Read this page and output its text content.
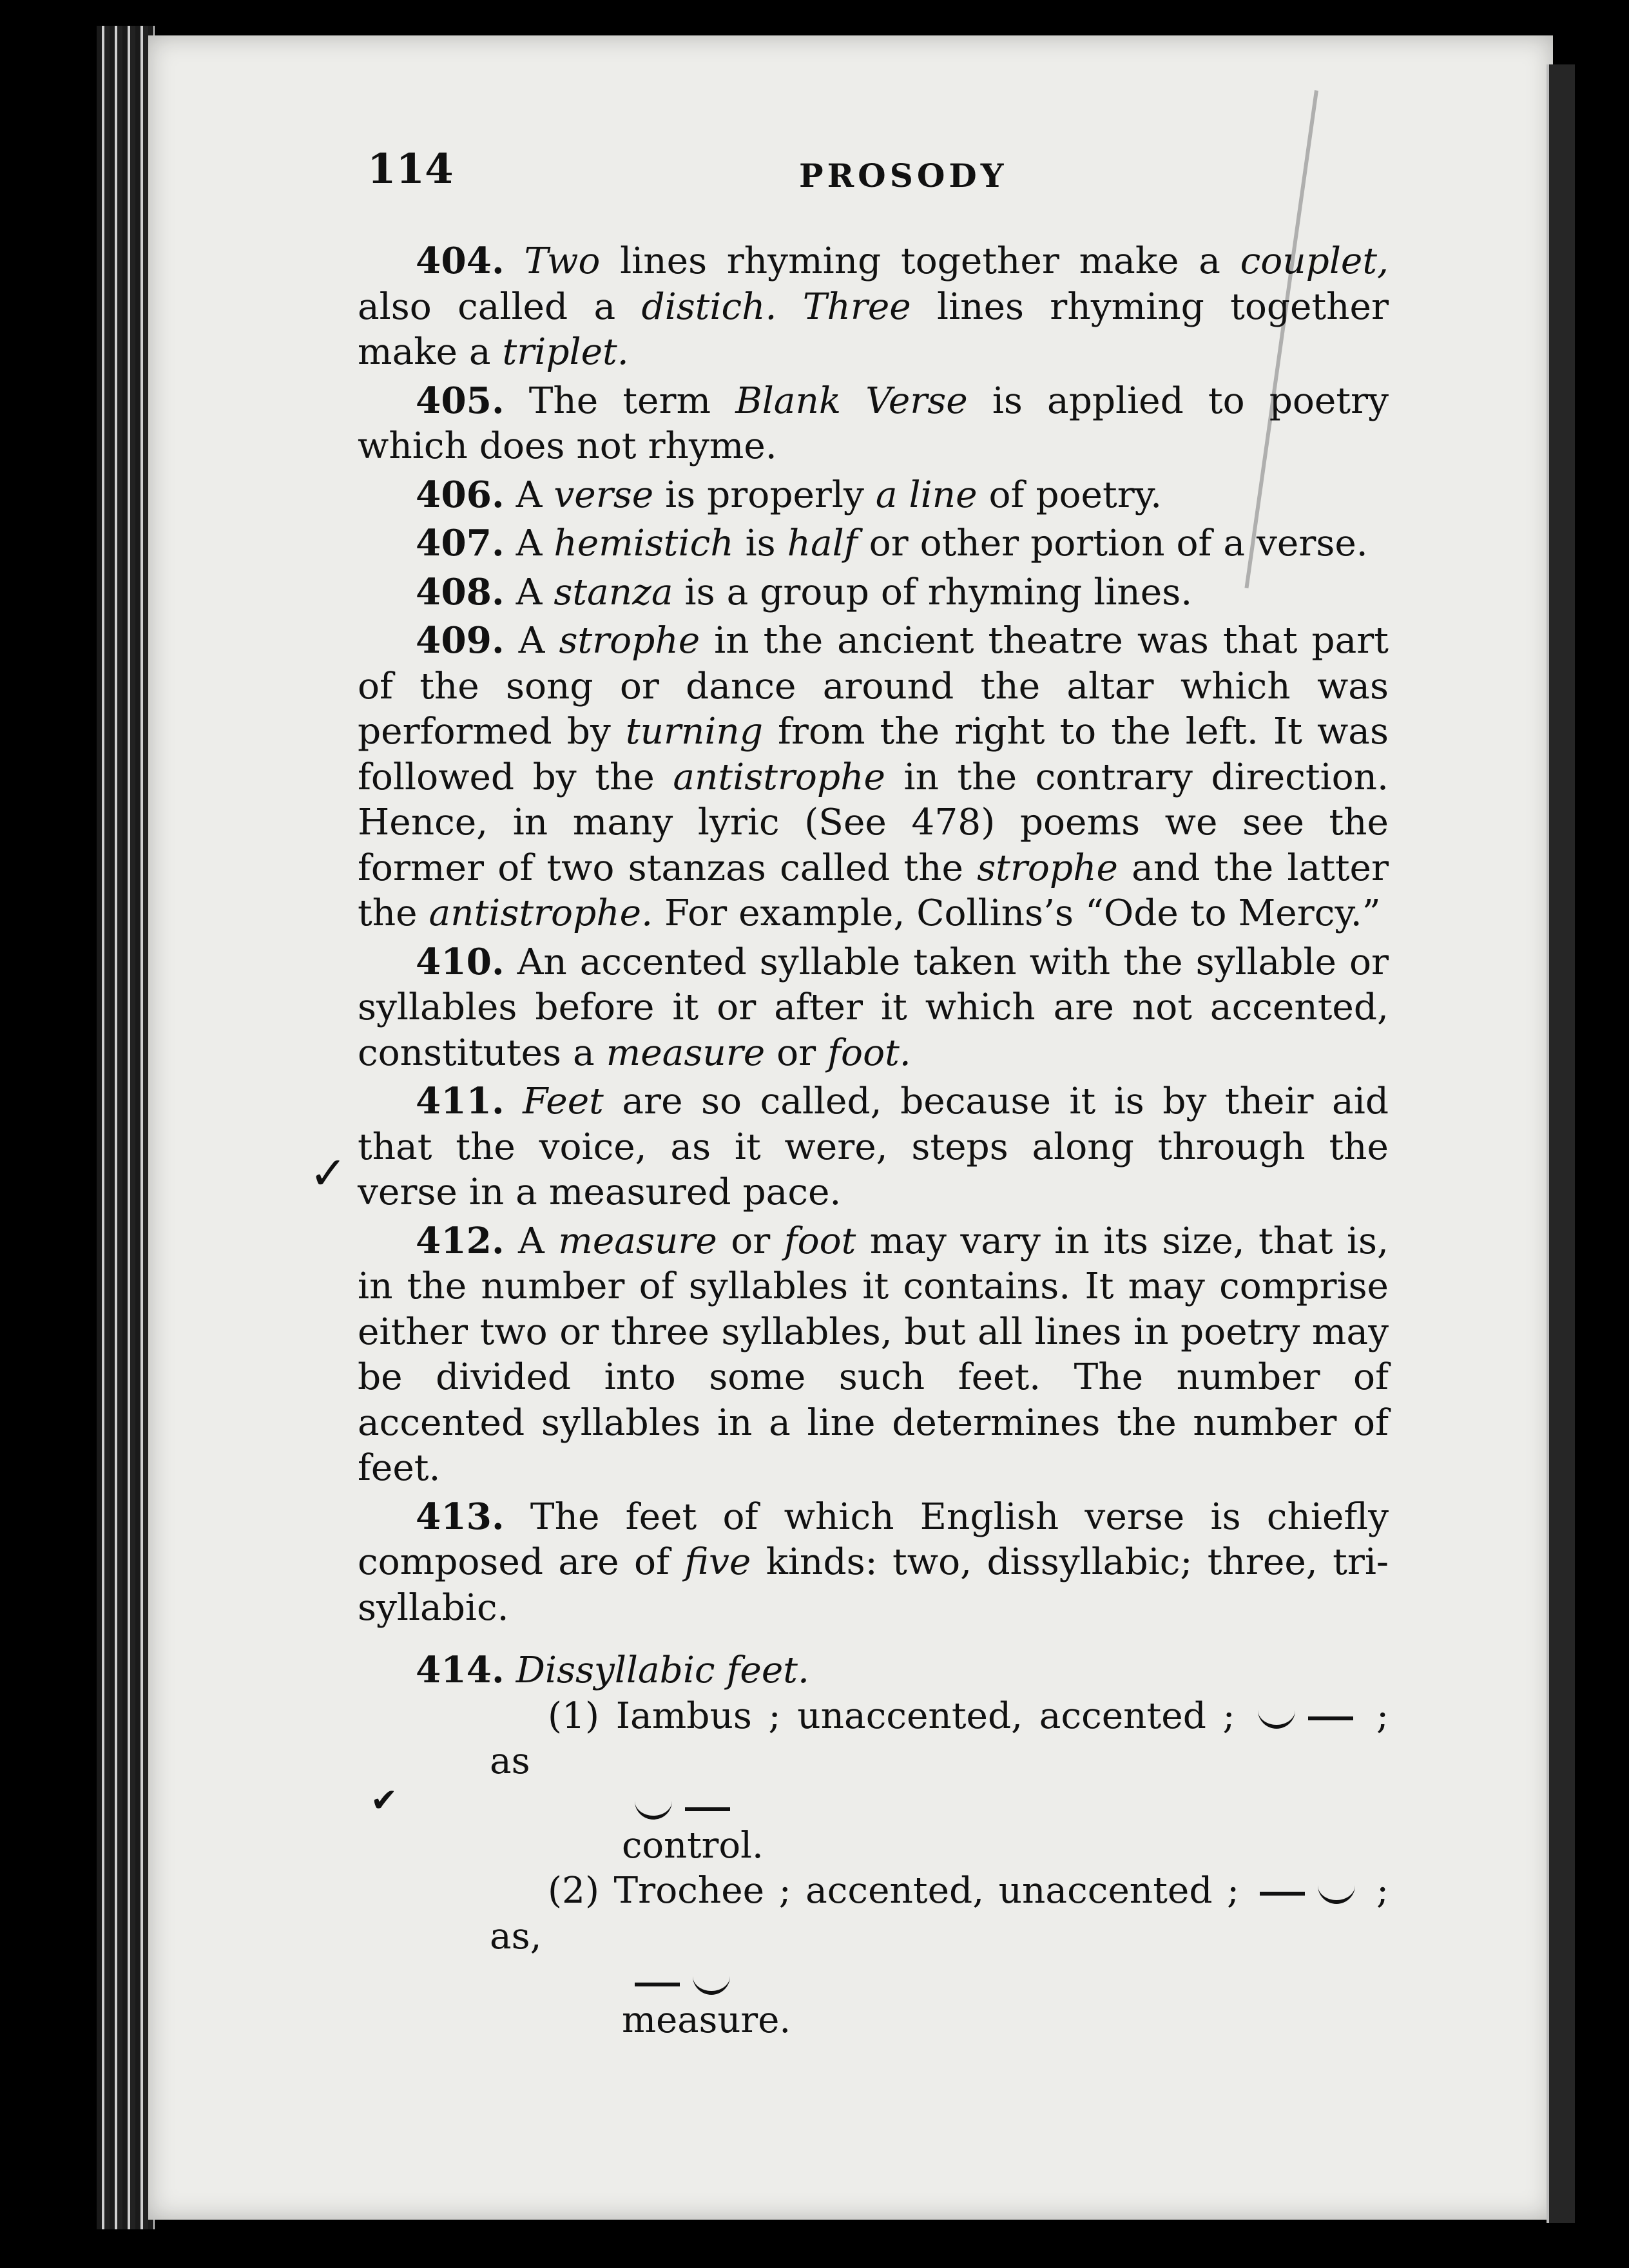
114	PROSODY
✓
✔

404. Two lines rhyming together make a couplet, also called a distich. Three lines rhyming together make a triplet.

405. The term Blank Verse is applied to poetry which does not rhyme.

406. A verse is properly a line of poetry.

407. A hemistich is half or other portion of a verse.

408. A stanza is a group of rhyming lines.

409. A strophe in the ancient theatre was that part of the song or dance around the altar which was performed by turning from the right to the left. It was followed by the antistrophe in the contrary direction. Hence, in many lyric (See 478) poems we see the former of two stanzas called the strophe and the latter the antistrophe. For example, Collins’s “Ode to Mercy.”

410. An accented syllable taken with the syllable or syllables before it or after it which are not accented, constitutes a measure or foot.

411. Feet are so called, because it is by their aid that the voice, as it were, steps along through the verse in a measured pace.

412. A measure or foot may vary in its size, that is, in the number of syllables it contains. It may comprise either two or three syllables, but all lines in poetry may be divided into some such feet. The number of accented syllables in a line determines the number of feet.

413. The feet of which English verse is chiefly composed are of five kinds: two, dissyllabic; three, tri-syllabic.

414. Dissyllabic feet.

(1) Iambus ; unaccented, accented ;	; as

control.

(2) Trochee ; accented, unaccented ;	; as,

measure.
